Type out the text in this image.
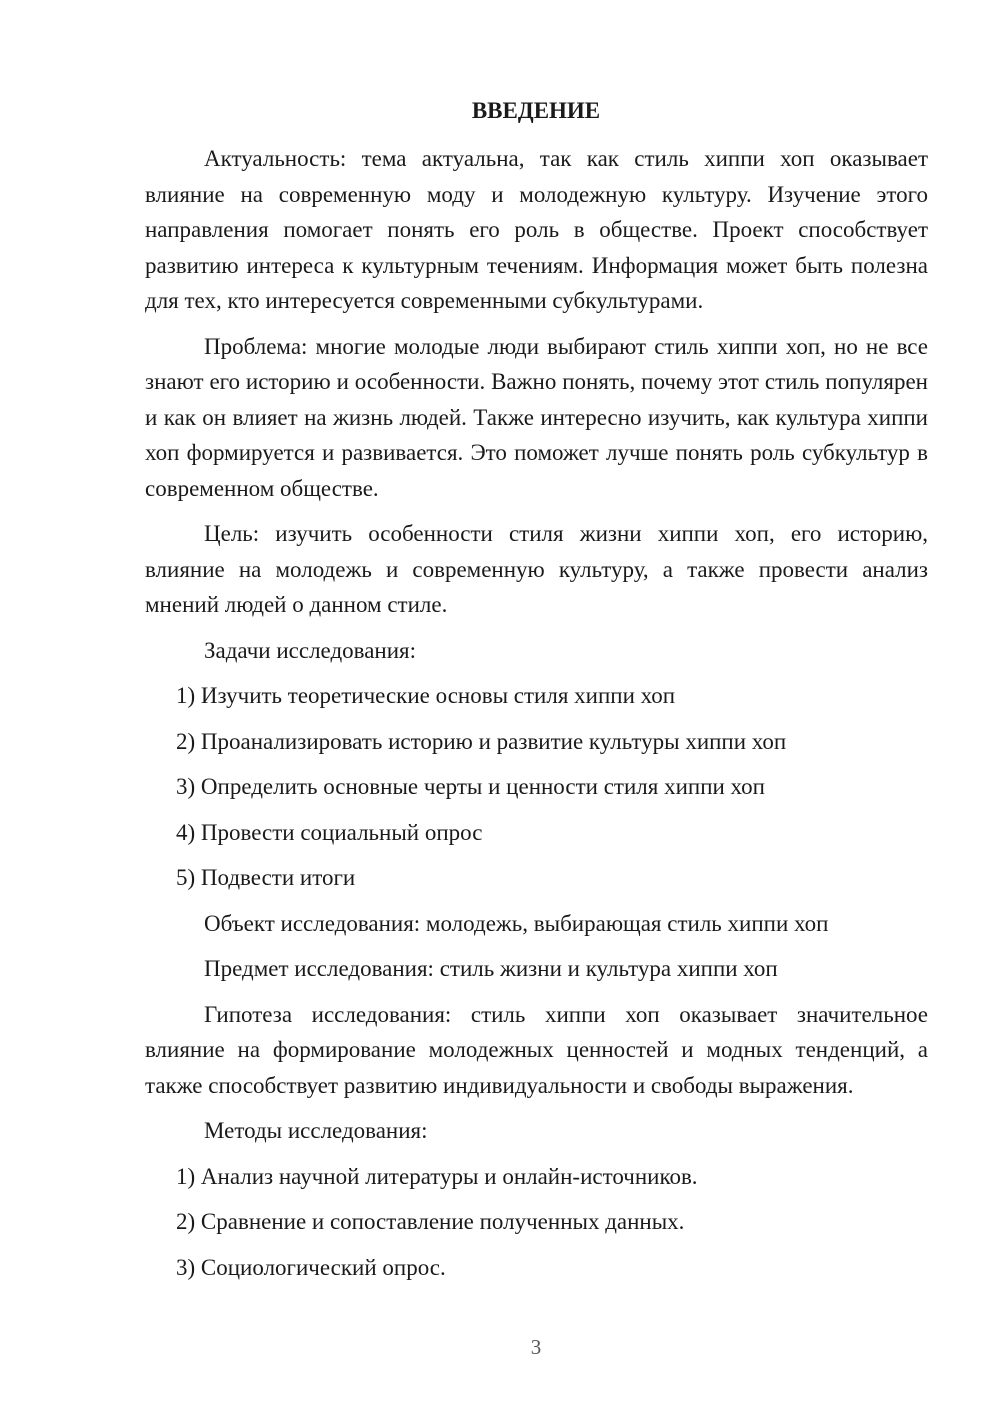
ВВЕДЕНИЕ

Актуальность: тема актуальна, так как стиль хиппи хоп оказывает влияние на современную моду и молодежную культуру. Изучение этого направления помогает понять его роль в обществе. Проект способствует развитию интереса к культурным течениям. Информация может быть полезна для тех, кто интересуется современными субкультурами.

Проблема: многие молодые люди выбирают стиль хиппи хоп, но не все знают его историю и особенности. Важно понять, почему этот стиль популярен и как он влияет на жизнь людей. Также интересно изучить, как культура хиппи хоп формируется и развивается. Это поможет лучше понять роль субкультур в современном обществе.

Цель: изучить особенности стиля жизни хиппи хоп, его историю, влияние на молодежь и современную культуру, а также провести анализ мнений людей о данном стиле.

Задачи исследования:

1) Изучить теоретические основы стиля хиппи хоп

2) Проанализировать историю и развитие культуры хиппи хоп

3) Определить основные черты и ценности стиля хиппи хоп

4) Провести социальный опрос

5) Подвести итоги

Объект исследования: молодежь, выбирающая стиль хиппи хоп

Предмет исследования: стиль жизни и культура хиппи хоп

Гипотеза исследования: стиль хиппи хоп оказывает значительное влияние на формирование молодежных ценностей и модных тенденций, а также способствует развитию индивидуальности и свободы выражения.

Методы исследования:

1) Анализ научной литературы и онлайн-источников.

2) Сравнение и сопоставление полученных данных.

3) Социологический опрос.

3
